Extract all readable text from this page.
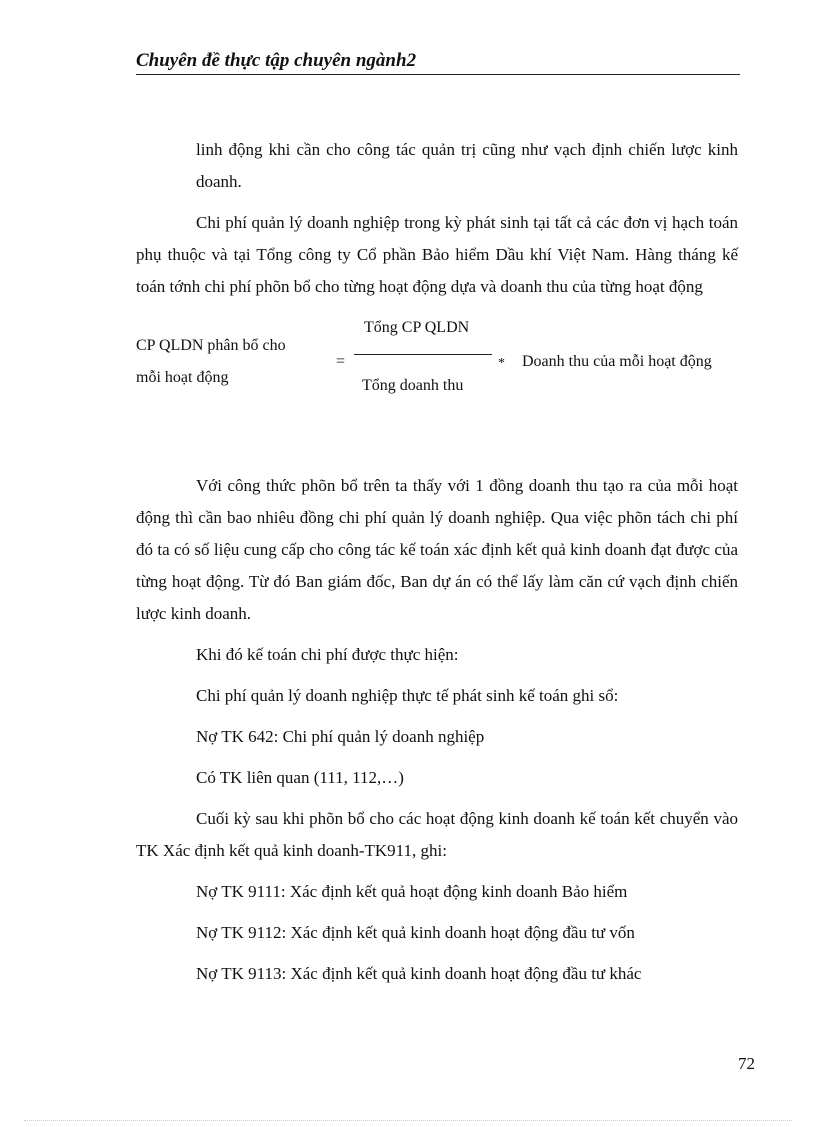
Chuyên đề thực tập chuyên ngành2

linh động khi cần cho công tác quản trị cũng như vạch định chiến lược kinh doanh.

Chi phí quản lý doanh nghiệp trong kỳ phát sinh tại tất cả các đơn vị hạch toán phụ thuộc và tại Tổng công ty Cổ phần Bảo hiểm Dầu khí Việt Nam. Hàng tháng kế toán tớnh chi phí phõn bổ cho từng hoạt động dựa và doanh thu của từng hoạt động

CP QLDN phân bổ cho
mỗi hoạt động
=
Tổng CP QLDN
Tổng doanh thu
* Doanh thu của mỗi hoạt động

Với công thức phõn bổ trên ta thấy với 1 đồng doanh thu tạo ra của mỗi hoạt động thì cần bao nhiêu đồng chi phí quản lý doanh nghiệp. Qua việc phõn tách chi phí đó ta có số liệu cung cấp cho công tác kế toán xác định kết quả kinh doanh đạt được của từng hoạt động. Từ đó Ban giám đốc, Ban dự án có thể lấy làm căn cứ vạch định chiến lược kinh doanh.

Khi đó kế toán chi phí được thực hiện:

Chi phí quản lý doanh nghiệp thực tế phát sinh kế toán ghi sổ:

Nợ TK 642: Chi phí quản lý doanh nghiệp

Có TK liên quan (111, 112,…)

Cuối kỳ sau khi phõn bổ cho các hoạt động kinh doanh kế toán kết chuyển vào TK Xác định kết quả kinh doanh-TK911, ghi:

Nợ TK 9111: Xác định kết quả hoạt động kinh doanh Bảo hiểm

Nợ TK 9112: Xác định kết quả kinh doanh hoạt động đầu tư vốn

Nợ TK 9113: Xác định kết quả kinh doanh hoạt động đầu tư khác

72
